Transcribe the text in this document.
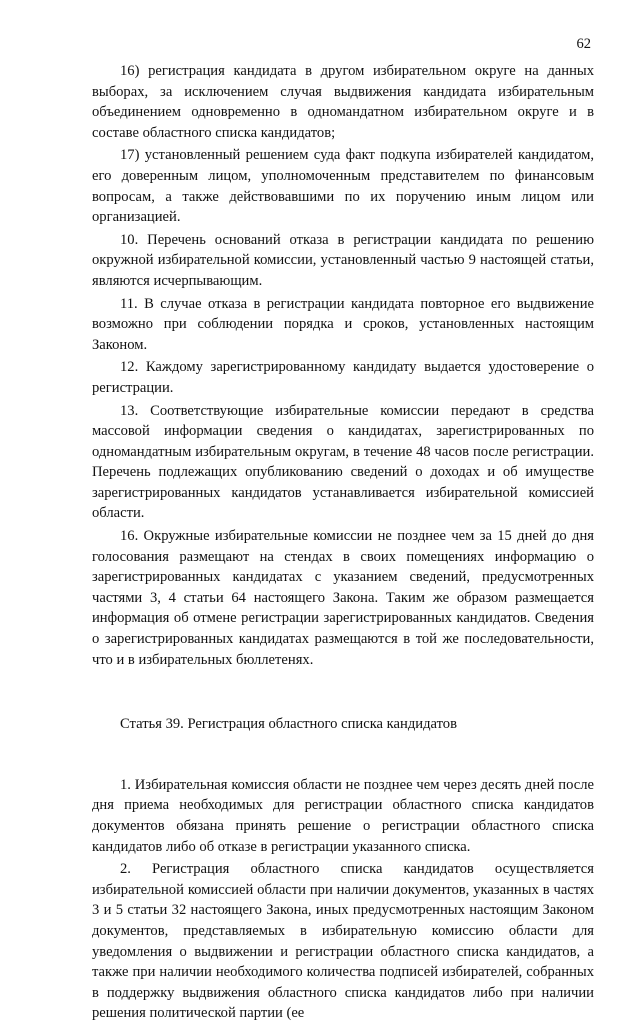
62

16) регистрация кандидата в другом избирательном округе на данных выборах, за исключением случая выдвижения кандидата избирательным объединением одновременно в одномандатном избирательном округе и в составе областного списка кандидатов;

17) установленный решением суда факт подкупа избирателей кандидатом, его доверенным лицом, уполномоченным представителем по финансовым вопросам, а также действовавшими по их поручению иным лицом или организацией.

10. Перечень оснований отказа в регистрации кандидата по решению окружной избирательной комиссии, установленный частью 9 настоящей статьи, являются исчерпывающим.

11. В случае отказа в регистрации кандидата повторное его выдвижение возможно при соблюдении порядка и сроков, установленных настоящим Законом.

12. Каждому зарегистрированному кандидату выдается удостоверение о регистрации.

13. Соответствующие избирательные комиссии передают в средства массовой информации сведения о кандидатах, зарегистрированных по одномандатным избирательным округам, в течение 48 часов после регистрации. Перечень подлежащих опубликованию сведений о доходах и об имуществе зарегистрированных кандидатов устанавливается избирательной комиссией области.

16. Окружные избирательные комиссии не позднее чем за 15 дней до дня голосования размещают на стендах в своих помещениях информацию о зарегистрированных кандидатах с указанием сведений, предусмотренных частями 3, 4 статьи 64 настоящего Закона. Таким же образом размещается информация об отмене регистрации зарегистрированных кандидатов. Сведения о зарегистрированных кандидатах размещаются в той же последовательности, что и в избирательных бюллетенях.

Статья 39. Регистрация областного списка кандидатов

1. Избирательная комиссия области не позднее чем через десять дней после дня приема необходимых для регистрации областного списка кандидатов документов обязана принять решение о регистрации областного списка кандидатов либо об отказе в регистрации указанного списка.

2. Регистрация областного списка кандидатов осуществляется избирательной комиссией области при наличии документов, указанных в частях 3 и 5 статьи 32 настоящего Закона, иных предусмотренных настоящим Законом документов, представляемых в избирательную комиссию области для уведомления о выдвижении и регистрации областного списка кандидатов, а также при наличии необходимого количества подписей избирателей, собранных в поддержку выдвижения областного списка кандидатов либо при наличии решения политической партии (ее
